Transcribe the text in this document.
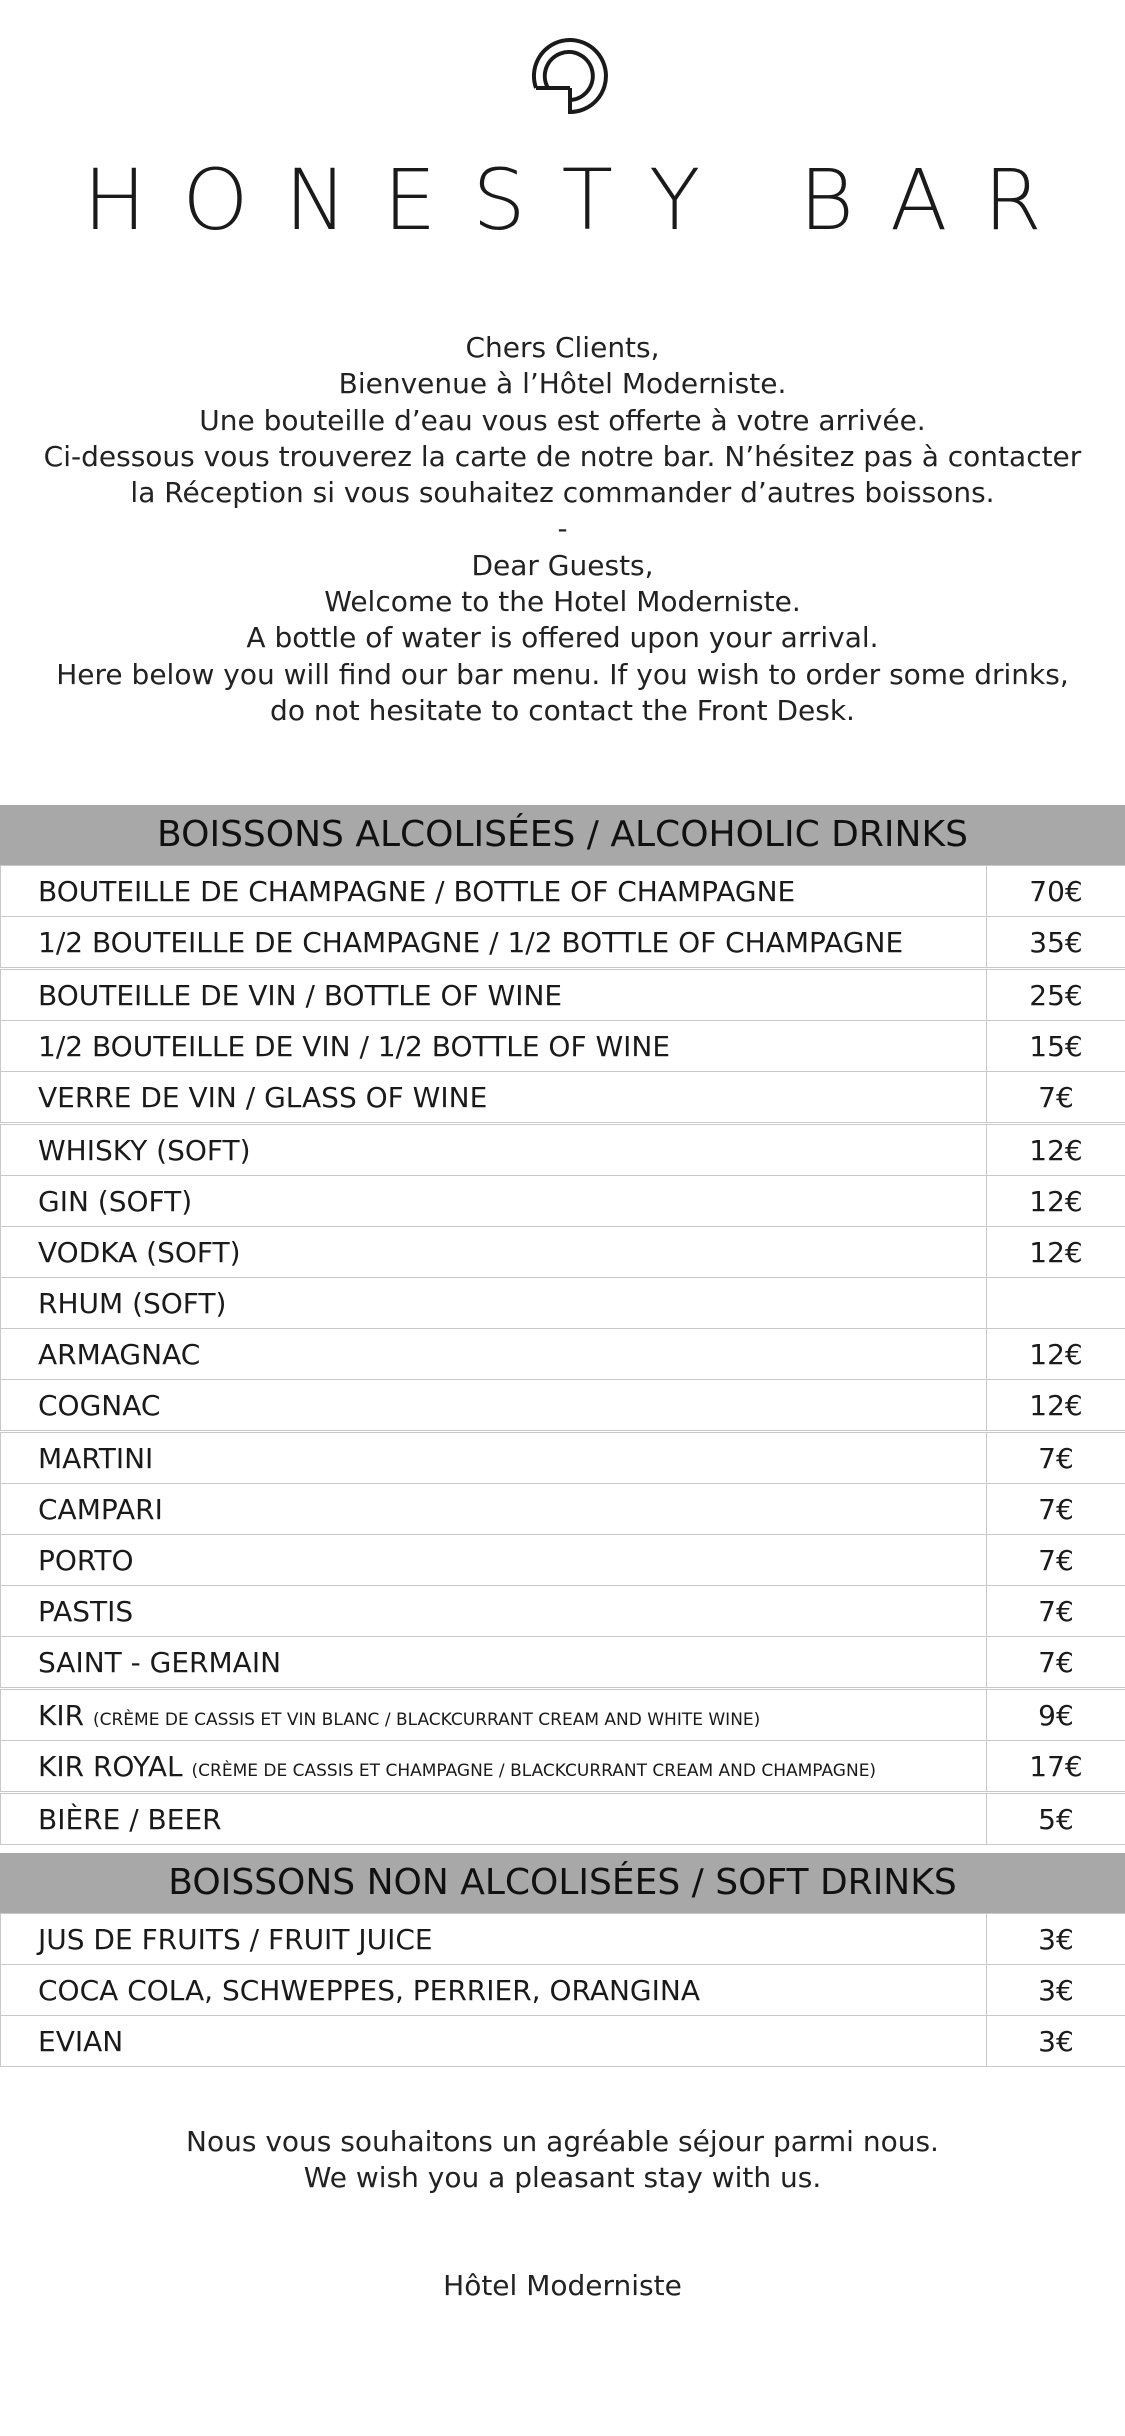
HONESTY BAR
Chers Clients,
Bienvenue à l’Hôtel Moderniste.
Une bouteille d’eau vous est offerte à votre arrivée.
Ci-dessous vous trouverez la carte de notre bar. N’hésitez pas à contacter
la Réception si vous souhaitez commander d’autres boissons.
-
Dear Guests,
Welcome to the Hotel Moderniste.
A bottle of water is offered upon your arrival.
Here below you will find our bar menu. If you wish to order some drinks,
do not hesitate to contact the Front Desk.
BOISSONS ALCOLISÉES / ALCOHOLIC DRINKS
BOUTEILLE DE CHAMPAGNE / BOTTLE OF CHAMPAGNE	70€
1/2 BOUTEILLE DE CHAMPAGNE / 1/2 BOTTLE OF CHAMPAGNE	35€
BOUTEILLE DE VIN / BOTTLE OF WINE	25€
1/2 BOUTEILLE DE VIN / 1/2 BOTTLE OF WINE	15€
VERRE DE VIN / GLASS OF WINE	7€
WHISKY (SOFT)	12€
GIN (SOFT)	12€
VODKA (SOFT)	12€
RHUM (SOFT)	
ARMAGNAC	12€
COGNAC	12€
MARTINI	7€
CAMPARI	7€
PORTO	7€
PASTIS	7€
SAINT - GERMAIN	7€
KIR (CRÈME DE CASSIS ET VIN BLANC / BLACKCURRANT CREAM AND WHITE WINE)	9€
KIR ROYAL (CRÈME DE CASSIS ET CHAMPAGNE / BLACKCURRANT CREAM AND CHAMPAGNE)	17€
BIÈRE / BEER	5€
BOISSONS NON ALCOLISÉES / SOFT DRINKS
JUS DE FRUITS / FRUIT JUICE	3€
COCA COLA, SCHWEPPES, PERRIER, ORANGINA	3€
EVIAN	3€
Nous vous souhaitons un agréable séjour parmi nous.
We wish you a pleasant stay with us.
Hôtel Moderniste
